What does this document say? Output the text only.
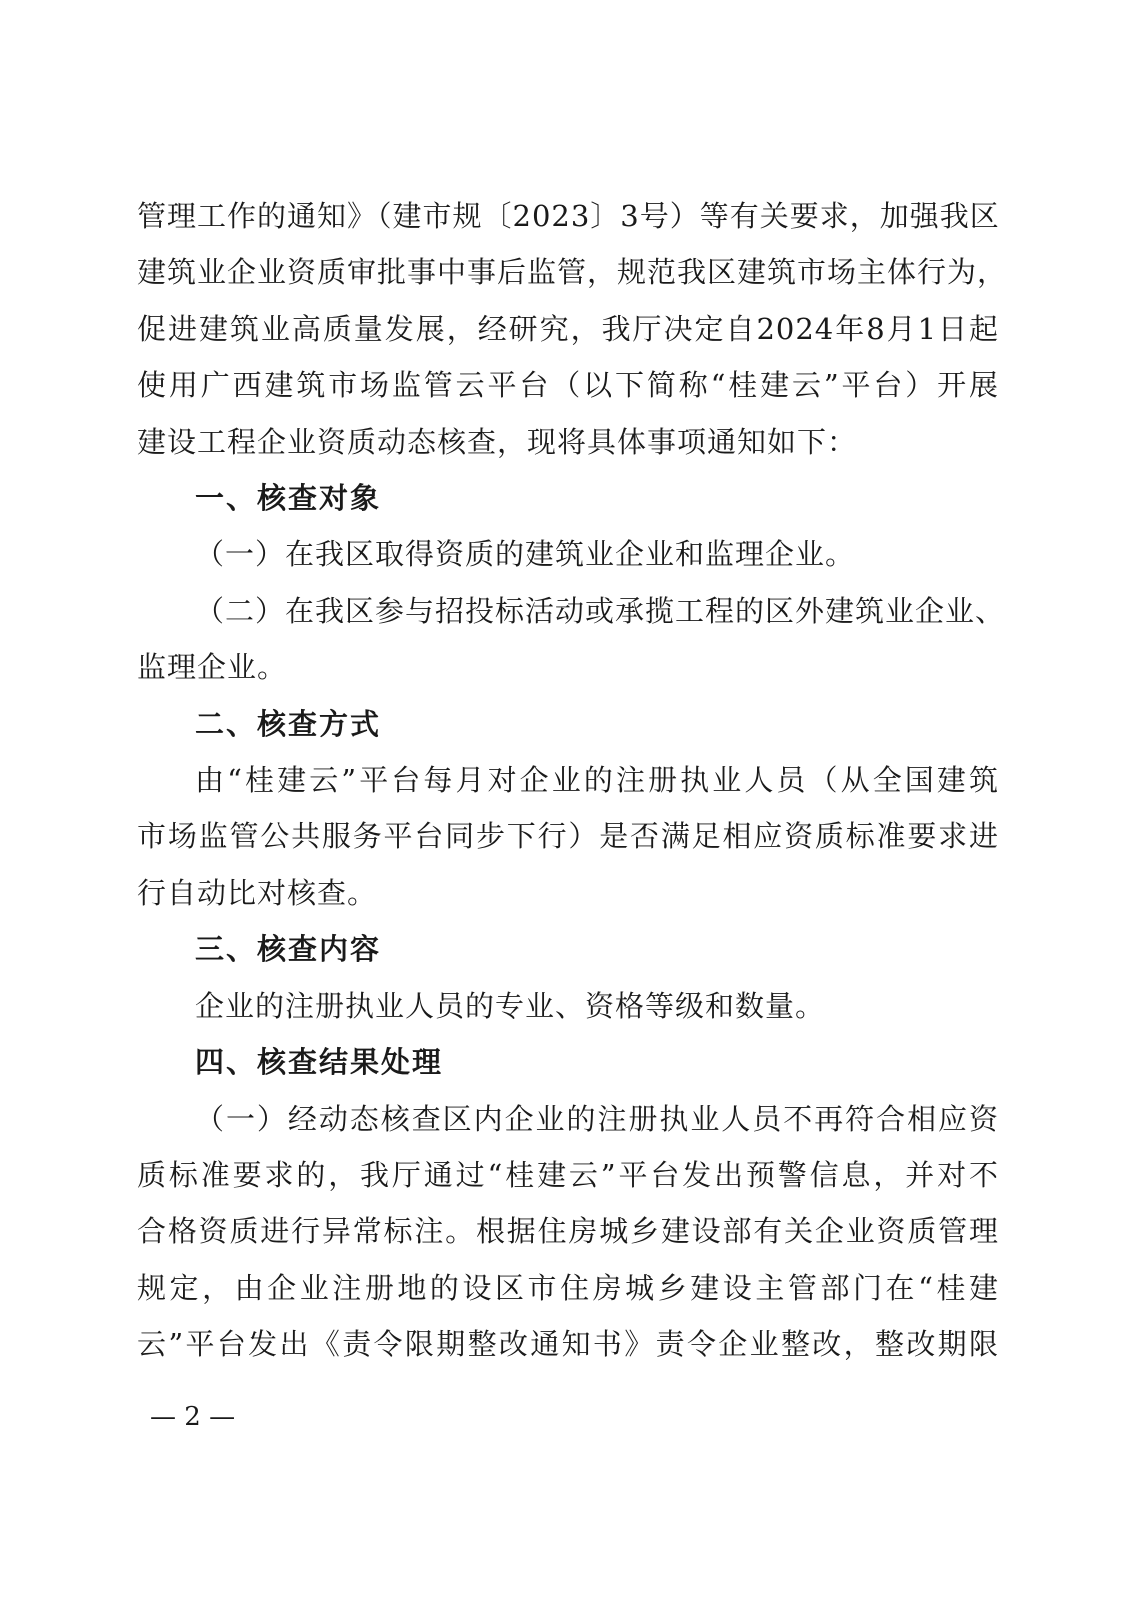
管理工作的通知》（建市规〔2023〕3号）等有关要求，加强我区

建筑业企业资质审批事中事后监管，规范我区建筑市场主体行为，

促进建筑业高质量发展，经研究，我厅决定自2024年8月1日起

使用广西建筑市场监管云平台（以下简称“桂建云”平台）开展

建设工程企业资质动态核查，现将具体事项通知如下：

一、核查对象

（一）在我区取得资质的建筑业企业和监理企业。

（二）在我区参与招投标活动或承揽工程的区外建筑业企业、

监理企业。

二、核查方式

由“桂建云”平台每月对企业的注册执业人员（从全国建筑

市场监管公共服务平台同步下行）是否满足相应资质标准要求进

行自动比对核查。

三、核查内容

企业的注册执业人员的专业、资格等级和数量。

四、核查结果处理

（一）经动态核查区内企业的注册执业人员不再符合相应资

质标准要求的，我厅通过“桂建云”平台发出预警信息，并对不

合格资质进行异常标注。根据住房城乡建设部有关企业资质管理

规定，由企业注册地的设区市住房城乡建设主管部门在“桂建

云”平台发出《责令限期整改通知书》责令企业整改，整改期限

— 2 —
